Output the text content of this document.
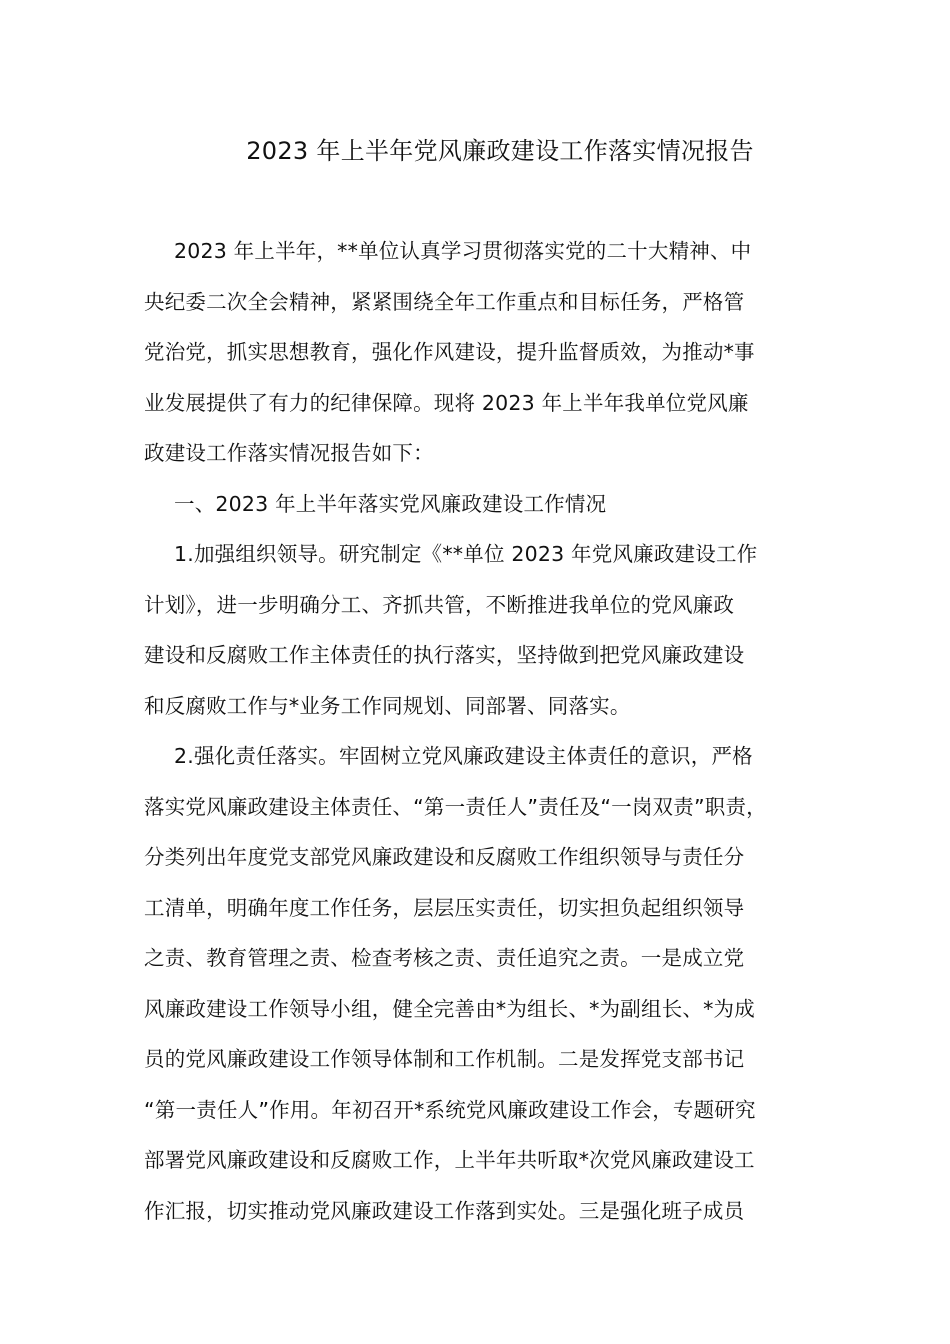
2023 年上半年党风廉政建设工作落实情况报告
2023 年上半年，**单位认真学习贯彻落实党的二十大精神、中
央纪委二次全会精神，紧紧围绕全年工作重点和目标任务，严格管
党治党，抓实思想教育，强化作风建设，提升监督质效，为推动*事
业发展提供了有力的纪律保障。现将 2023 年上半年我单位党风廉
政建设工作落实情况报告如下：
一、2023 年上半年落实党风廉政建设工作情况
1.加强组织领导。研究制定《**单位 2023 年党风廉政建设工作
计划》，进一步明确分工、齐抓共管，不断推进我单位的党风廉政
建设和反腐败工作主体责任的执行落实，坚持做到把党风廉政建设
和反腐败工作与*业务工作同规划、同部署、同落实。
2.强化责任落实。牢固树立党风廉政建设主体责任的意识，严格
落实党风廉政建设主体责任、“第一责任人”责任及“一岗双责”职责，
分类列出年度党支部党风廉政建设和反腐败工作组织领导与责任分
工清单，明确年度工作任务，层层压实责任，切实担负起组织领导
之责、教育管理之责、检查考核之责、责任追究之责。一是成立党
风廉政建设工作领导小组，健全完善由*为组长、*为副组长、*为成
员的党风廉政建设工作领导体制和工作机制。二是发挥党支部书记
“第一责任人”作用。年初召开*系统党风廉政建设工作会，专题研究
部署党风廉政建设和反腐败工作，上半年共听取*次党风廉政建设工
作汇报，切实推动党风廉政建设工作落到实处。三是强化班子成员
